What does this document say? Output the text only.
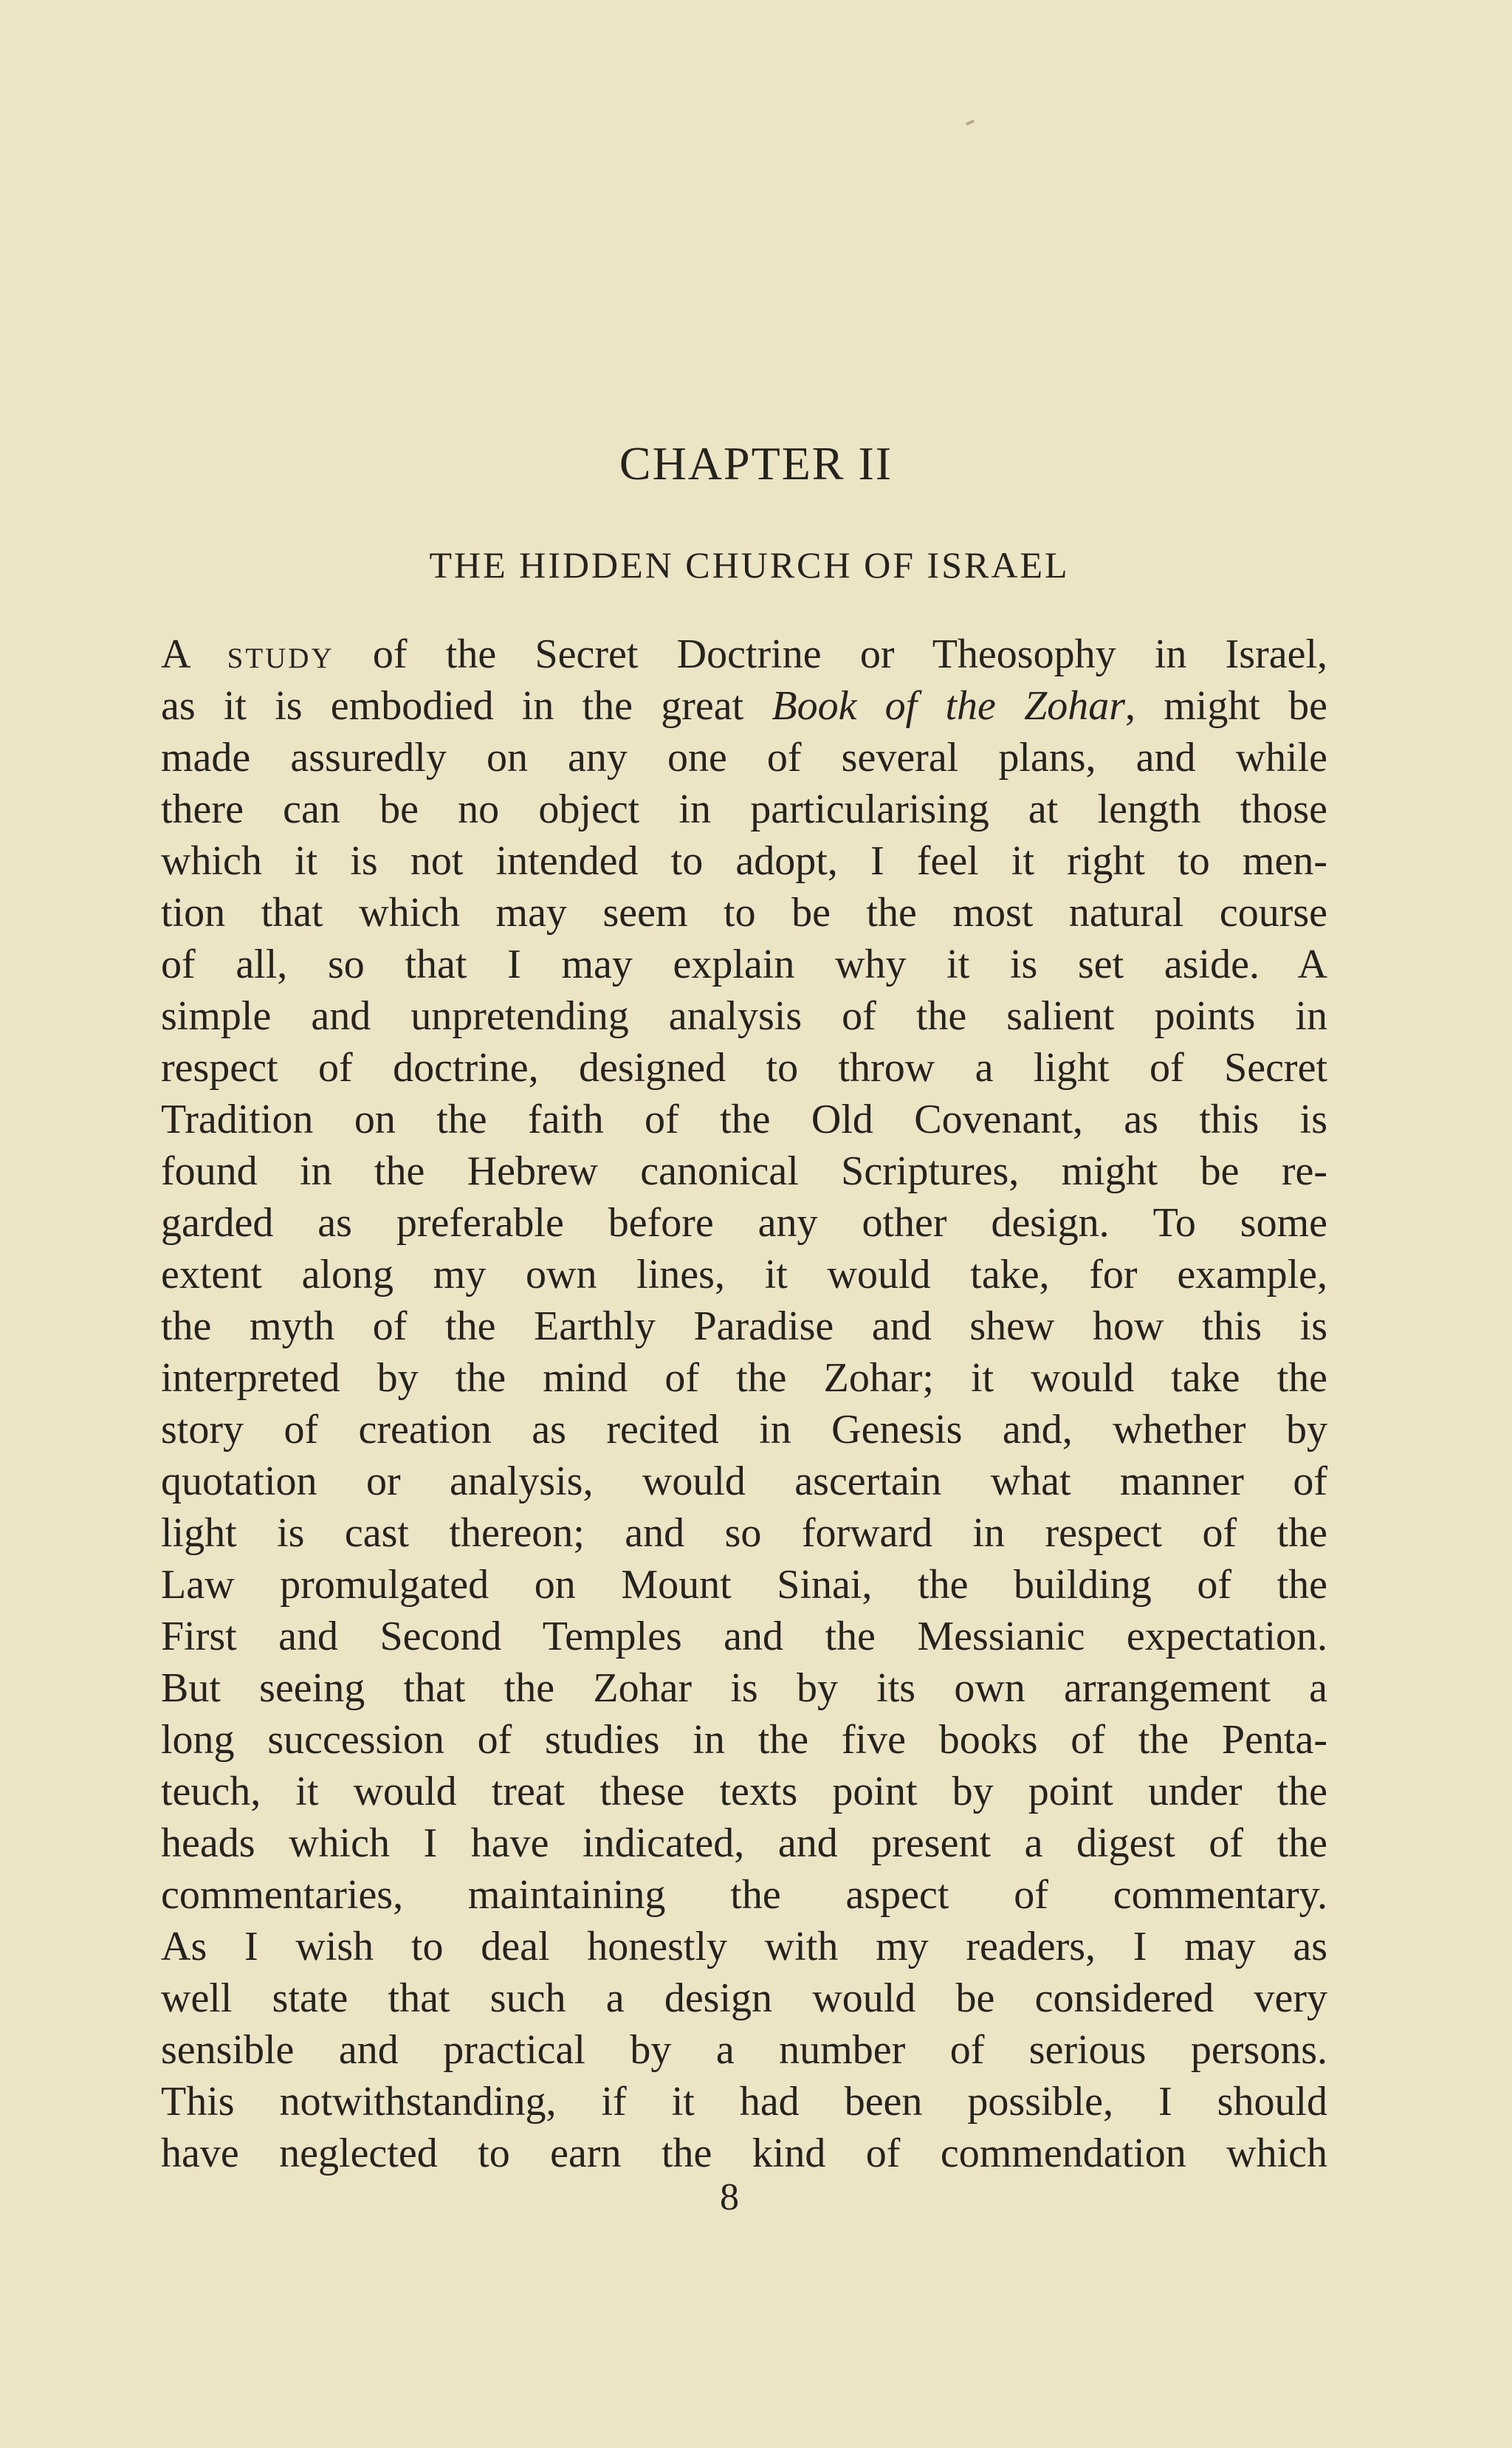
CHAPTER II
THE HIDDEN CHURCH OF ISRAEL
A study of the Secret Doctrine or Theosophy in Israel,
as it is embodied in the great Book of the Zohar, might be
made assuredly on any one of several plans, and while
there can be no object in particularising at length those
which it is not intended to adopt, I feel it right to men-
tion that which may seem to be the most natural course
of all, so that I may explain why it is set aside. A
simple and unpretending analysis of the salient points in
respect of doctrine, designed to throw a light of Secret
Tradition on the faith of the Old Covenant, as this is
found in the Hebrew canonical Scriptures, might be re-
garded as preferable before any other design. To some
extent along my own lines, it would take, for example,
the myth of the Earthly Paradise and shew how this is
interpreted by the mind of the Zohar; it would take the
story of creation as recited in Genesis and, whether by
quotation or analysis, would ascertain what manner of
light is cast thereon; and so forward in respect of the
Law promulgated on Mount Sinai, the building of the
First and Second Temples and the Messianic expectation.
But seeing that the Zohar is by its own arrangement a
long succession of studies in the five books of the Penta-
teuch, it would treat these texts point by point under the
heads which I have indicated, and present a digest of the
commentaries, maintaining the aspect of commentary.
As I wish to deal honestly with my readers, I may as
well state that such a design would be considered very
sensible and practical by a number of serious persons.
This notwithstanding, if it had been possible, I should
have neglected to earn the kind of commendation which
8
